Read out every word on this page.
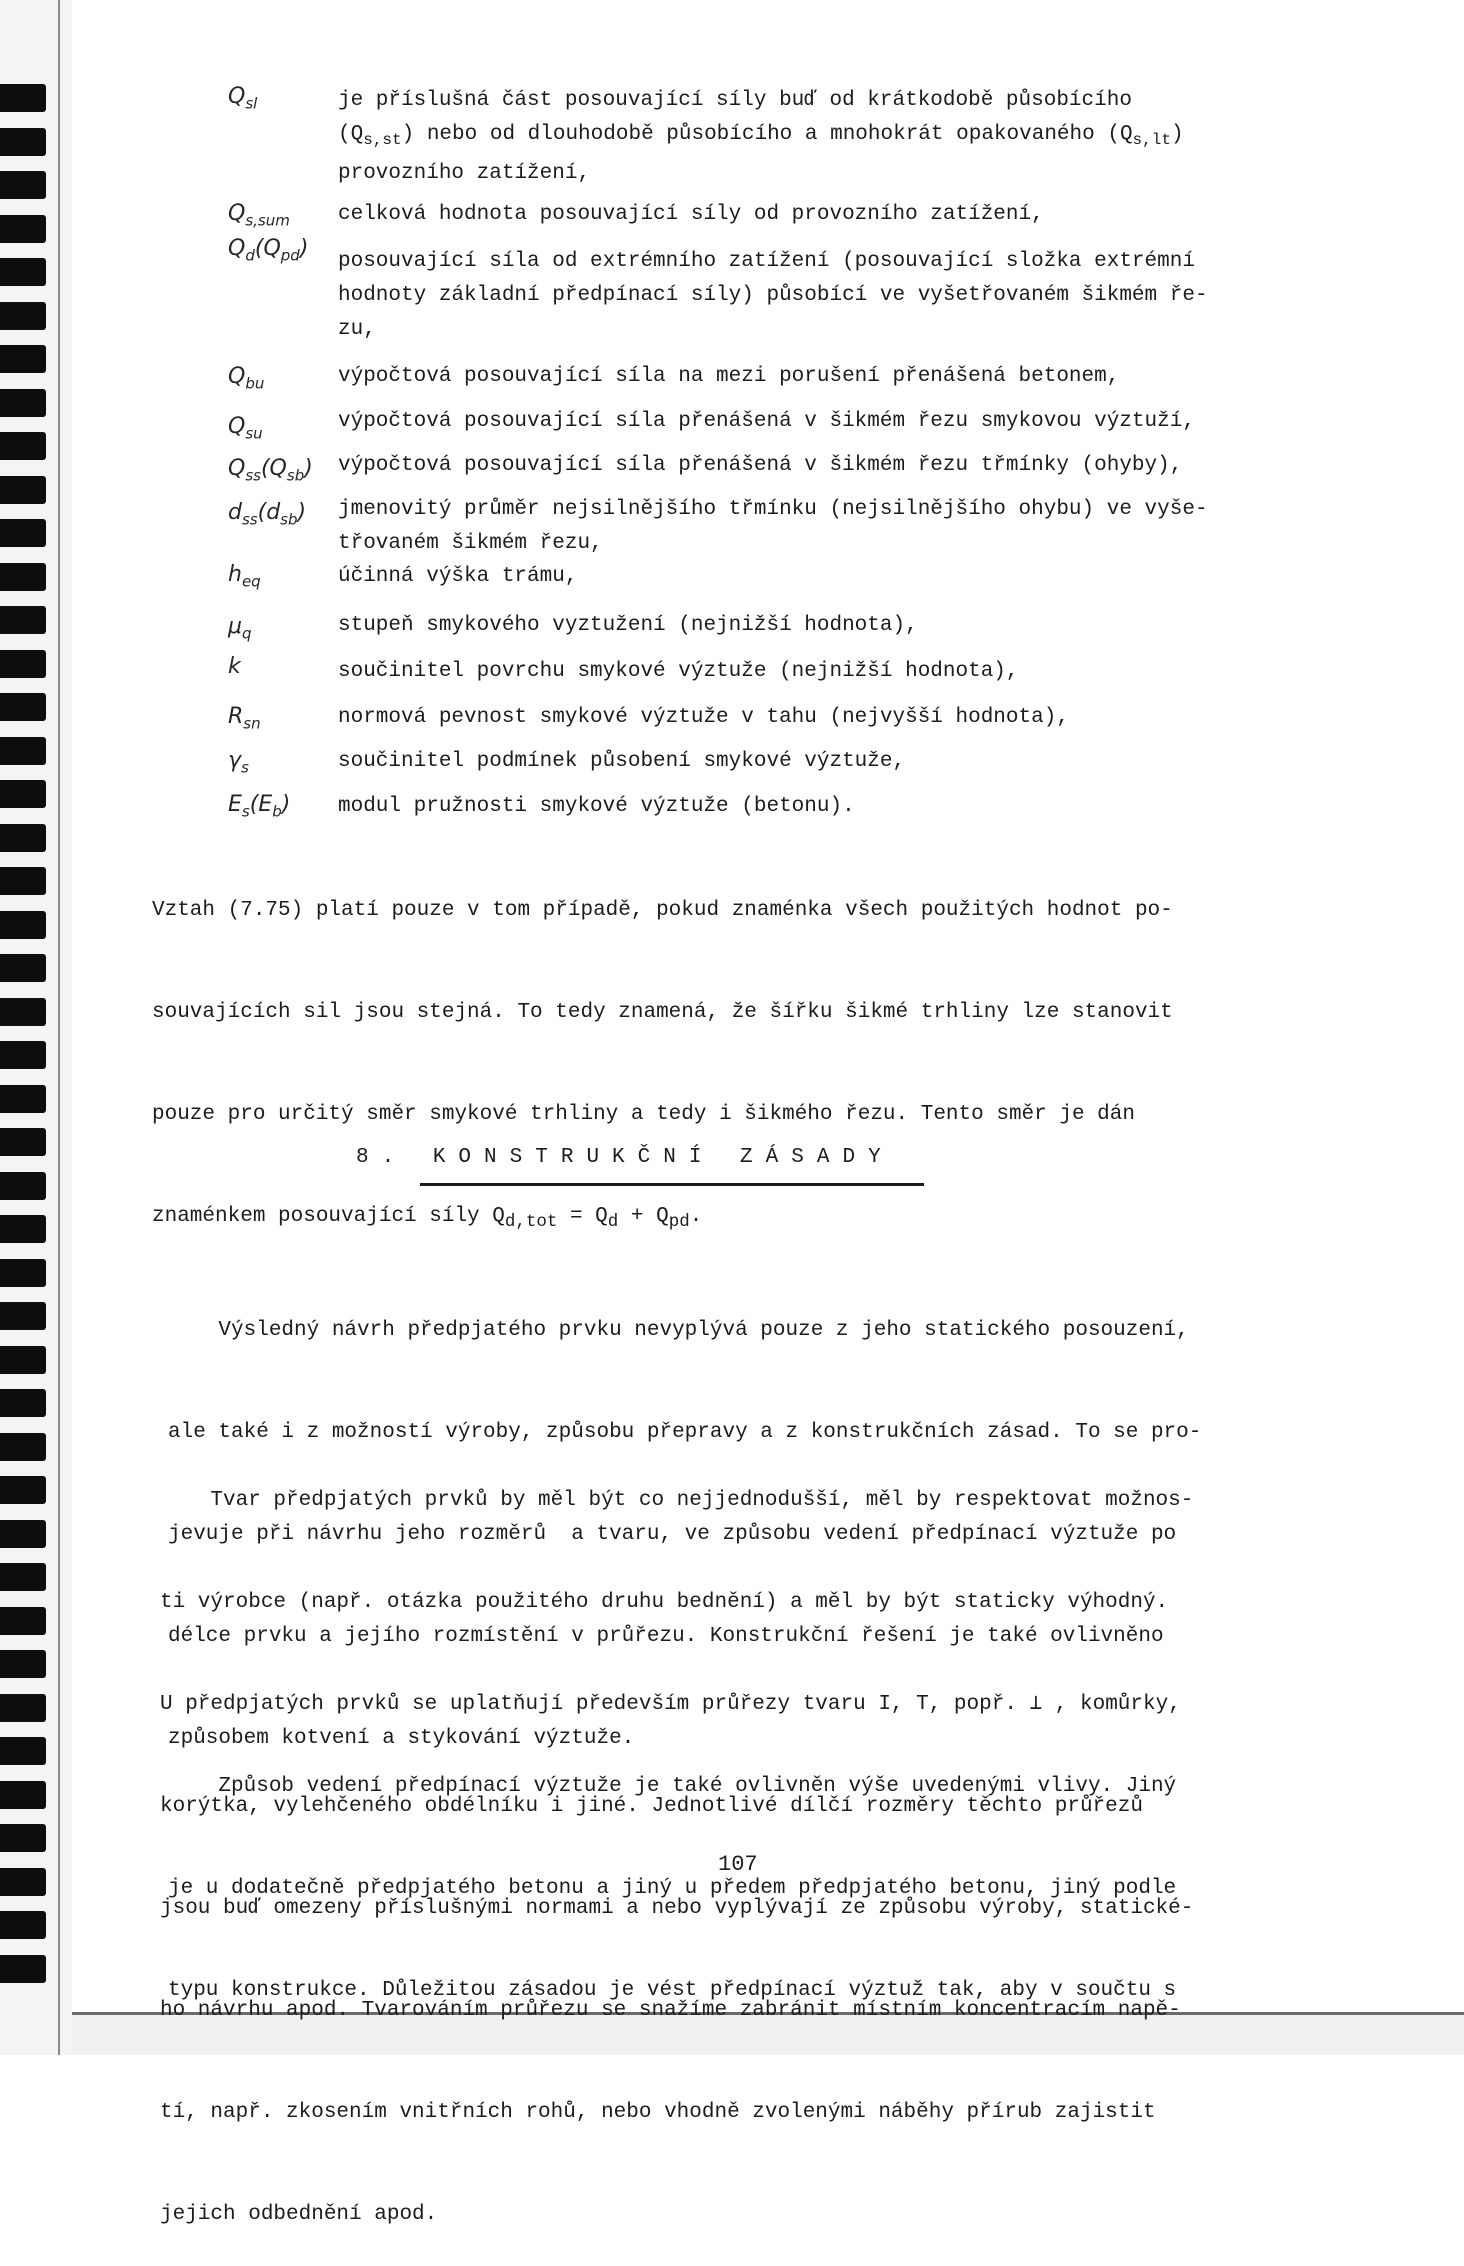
$Q_{sl}$
$Q_{s,sum}$
$Q_d(Q_{pd})$
$Q_{bu}$
$Q_{su}$
$Q_{ss}(Q_{sb})$
$d_{ss}(d_{sb})$
$h_{eq}$
$\mu_q$
k
$R_{sn}$
$\gamma_s$
$E_s(E_b)$
je příslušná část posouvající síly buď od krátkodobě působícího
$(Q_{s,st})$ nebo od dlouhodobě působícího a mnohokrát opakovaného $(Q_{s,lt})$
provozního zatížení,
celková hodnota posouvající síly od provozního zatížení,
posouvající síla od extrémního zatížení (posouvající složka extrémní
hodnoty základní předpínací síly) působící ve vyšetřovaném šikmém ře-
zu,
výpočtová posouvající síla na mezi porušení přenášená betonem,
výpočtová posouvající síla přenášená v šikmém řezu smykovou výztuží,
výpočtová posouvající síla přenášená v šikmém řezu třmínky (ohyby),
jmenovitý průměr nejsilnějšího třmínku (nejsilnějšího ohybu) ve vyše-
třovaném šikmém řezu,
účinná výška trámu,
stupeň smykového vyztužení (nejnižší hodnota),
součinitel povrchu smykové výztuže (nejnižší hodnota),
normová pevnost smykové výztuže v tahu (nejvyšší hodnota),
součinitel podmínek působení smykové výztuže,
modul pružnosti smykové výztuže (betonu).

Vztah (7.75) platí pouze v tom případě, pokud znaménka všech použitých hodnot po-

souvajících sil jsou stejná. To tedy znamená, že šířku šikmé trhliny lze stanovit

pouze pro určitý směr smykové trhliny a tedy i šikmého řezu. Tento směr je dán

znaménkem posouvající síly $Q_{d,tot} = Q_d + Q_{pd}$.

8. KONSTRUKČNÍ ZÁSADY

Výsledný návrh předpjatého prvku nevyplývá pouze z jeho statického posouzení,

ale také i z možností výroby, způsobu přepravy a z konstrukčních zásad. To se pro-

jevuje při návrhu jeho rozměrů  a tvaru, ve způsobu vedení předpínací výztuže po

délce prvku a jejího rozmístění v průřezu. Konstrukční řešení je také ovlivněno

způsobem kotvení a stykování výztuže.

Tvar předpjatých prvků by měl být co nejjednodušší, měl by respektovat možnos-

ti výrobce (např. otázka použitého druhu bednění) a měl by být staticky výhodný.

U předpjatých prvků se uplatňují především průřezy tvaru I, T, popř. ⊥ , komůrky,

korýtka, vylehčeného obdélníku i jiné. Jednotlivé dílčí rozměry těchto průřezů

jsou buď omezeny příslušnými normami a nebo vyplývají ze způsobu výroby, statické-

ho návrhu apod. Tvarováním průřezu se snažíme zabránit místním koncentracím napě-

tí, např. zkosením vnitřních rohů, nebo vhodně zvolenými náběhy přírub zajistit

jejich odbednění apod.

Způsob vedení předpínací výztuže je také ovlivněn výše uvedenými vlivy. Jiný

je u dodatečně předpjatého betonu a jiný u předem předpjatého betonu, jiný podle

typu konstrukce. Důležitou zásadou je vést předpínací výztuž tak, aby v součtu s

107
